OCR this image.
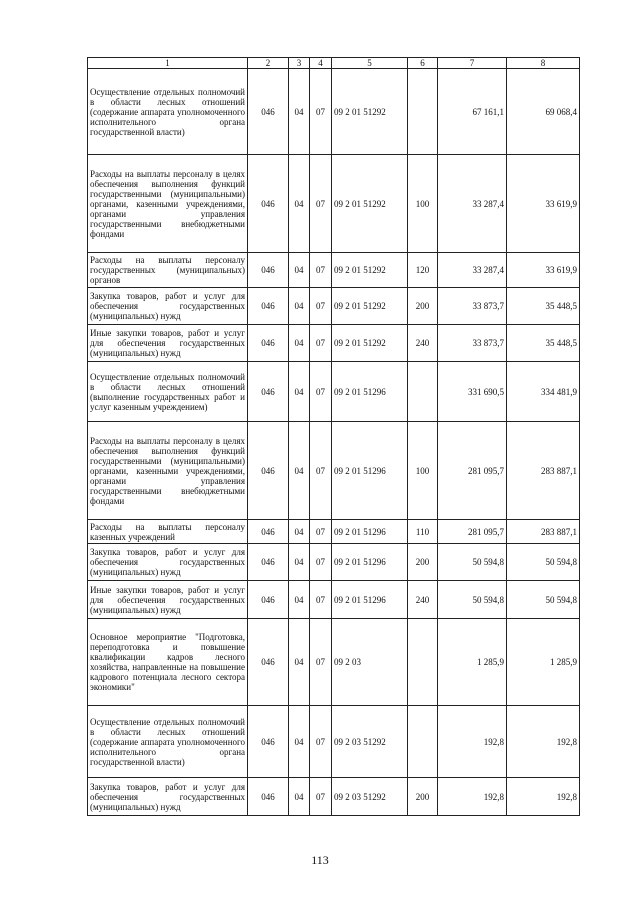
1	2	3	4	5	6	7	8
Осуществление отдельных полномочий в области лесных отношений (содержание аппарата уполномоченного исполнительного органа государственной власти)	046	04	07	09 2 01 51292		67 161,1	69 068,4
Расходы на выплаты персоналу в целях обеспечения выполнения функций государственными (муниципальными) органами, казенными учреждениями, органами управления государственными внебюджетными фондами	046	04	07	09 2 01 51292	100	33 287,4	33 619,9
Расходы на выплаты персоналу государственных (муниципальных) органов	046	04	07	09 2 01 51292	120	33 287,4	33 619,9
Закупка товаров, работ и услуг для обеспечения государственных (муниципальных) нужд	046	04	07	09 2 01 51292	200	33 873,7	35 448,5
Иные закупки товаров, работ и услуг для обеспечения государственных (муниципальных) нужд	046	04	07	09 2 01 51292	240	33 873,7	35 448,5
Осуществление отдельных полномочий в области лесных отношений (выполнение государственных работ и услуг казенным учреждением)	046	04	07	09 2 01 51296		331 690,5	334 481,9
Расходы на выплаты персоналу в целях обеспечения выполнения функций государственными (муниципальными) органами, казенными учреждениями, органами управления государственными внебюджетными фондами	046	04	07	09 2 01 51296	100	281 095,7	283 887,1
Расходы на выплаты персоналу казенных учреждений	046	04	07	09 2 01 51296	110	281 095,7	283 887,1
Закупка товаров, работ и услуг для обеспечения государственных (муниципальных) нужд	046	04	07	09 2 01 51296	200	50 594,8	50 594,8
Иные закупки товаров, работ и услуг для обеспечения государственных (муниципальных) нужд	046	04	07	09 2 01 51296	240	50 594,8	50 594,8
Основное мероприятие "Подготовка, переподготовка и повышение квалификации кадров лесного хозяйства, направленные на повышение кадрового потенциала лесного сектора экономики"	046	04	07	09 2 03		1 285,9	1 285,9
Осуществление отдельных полномочий в области лесных отношений (содержание аппарата уполномоченного исполнительного органа государственной власти)	046	04	07	09 2 03 51292		192,8	192,8
Закупка товаров, работ и услуг для обеспечения государственных (муниципальных) нужд	046	04	07	09 2 03 51292	200	192,8	192,8
113
